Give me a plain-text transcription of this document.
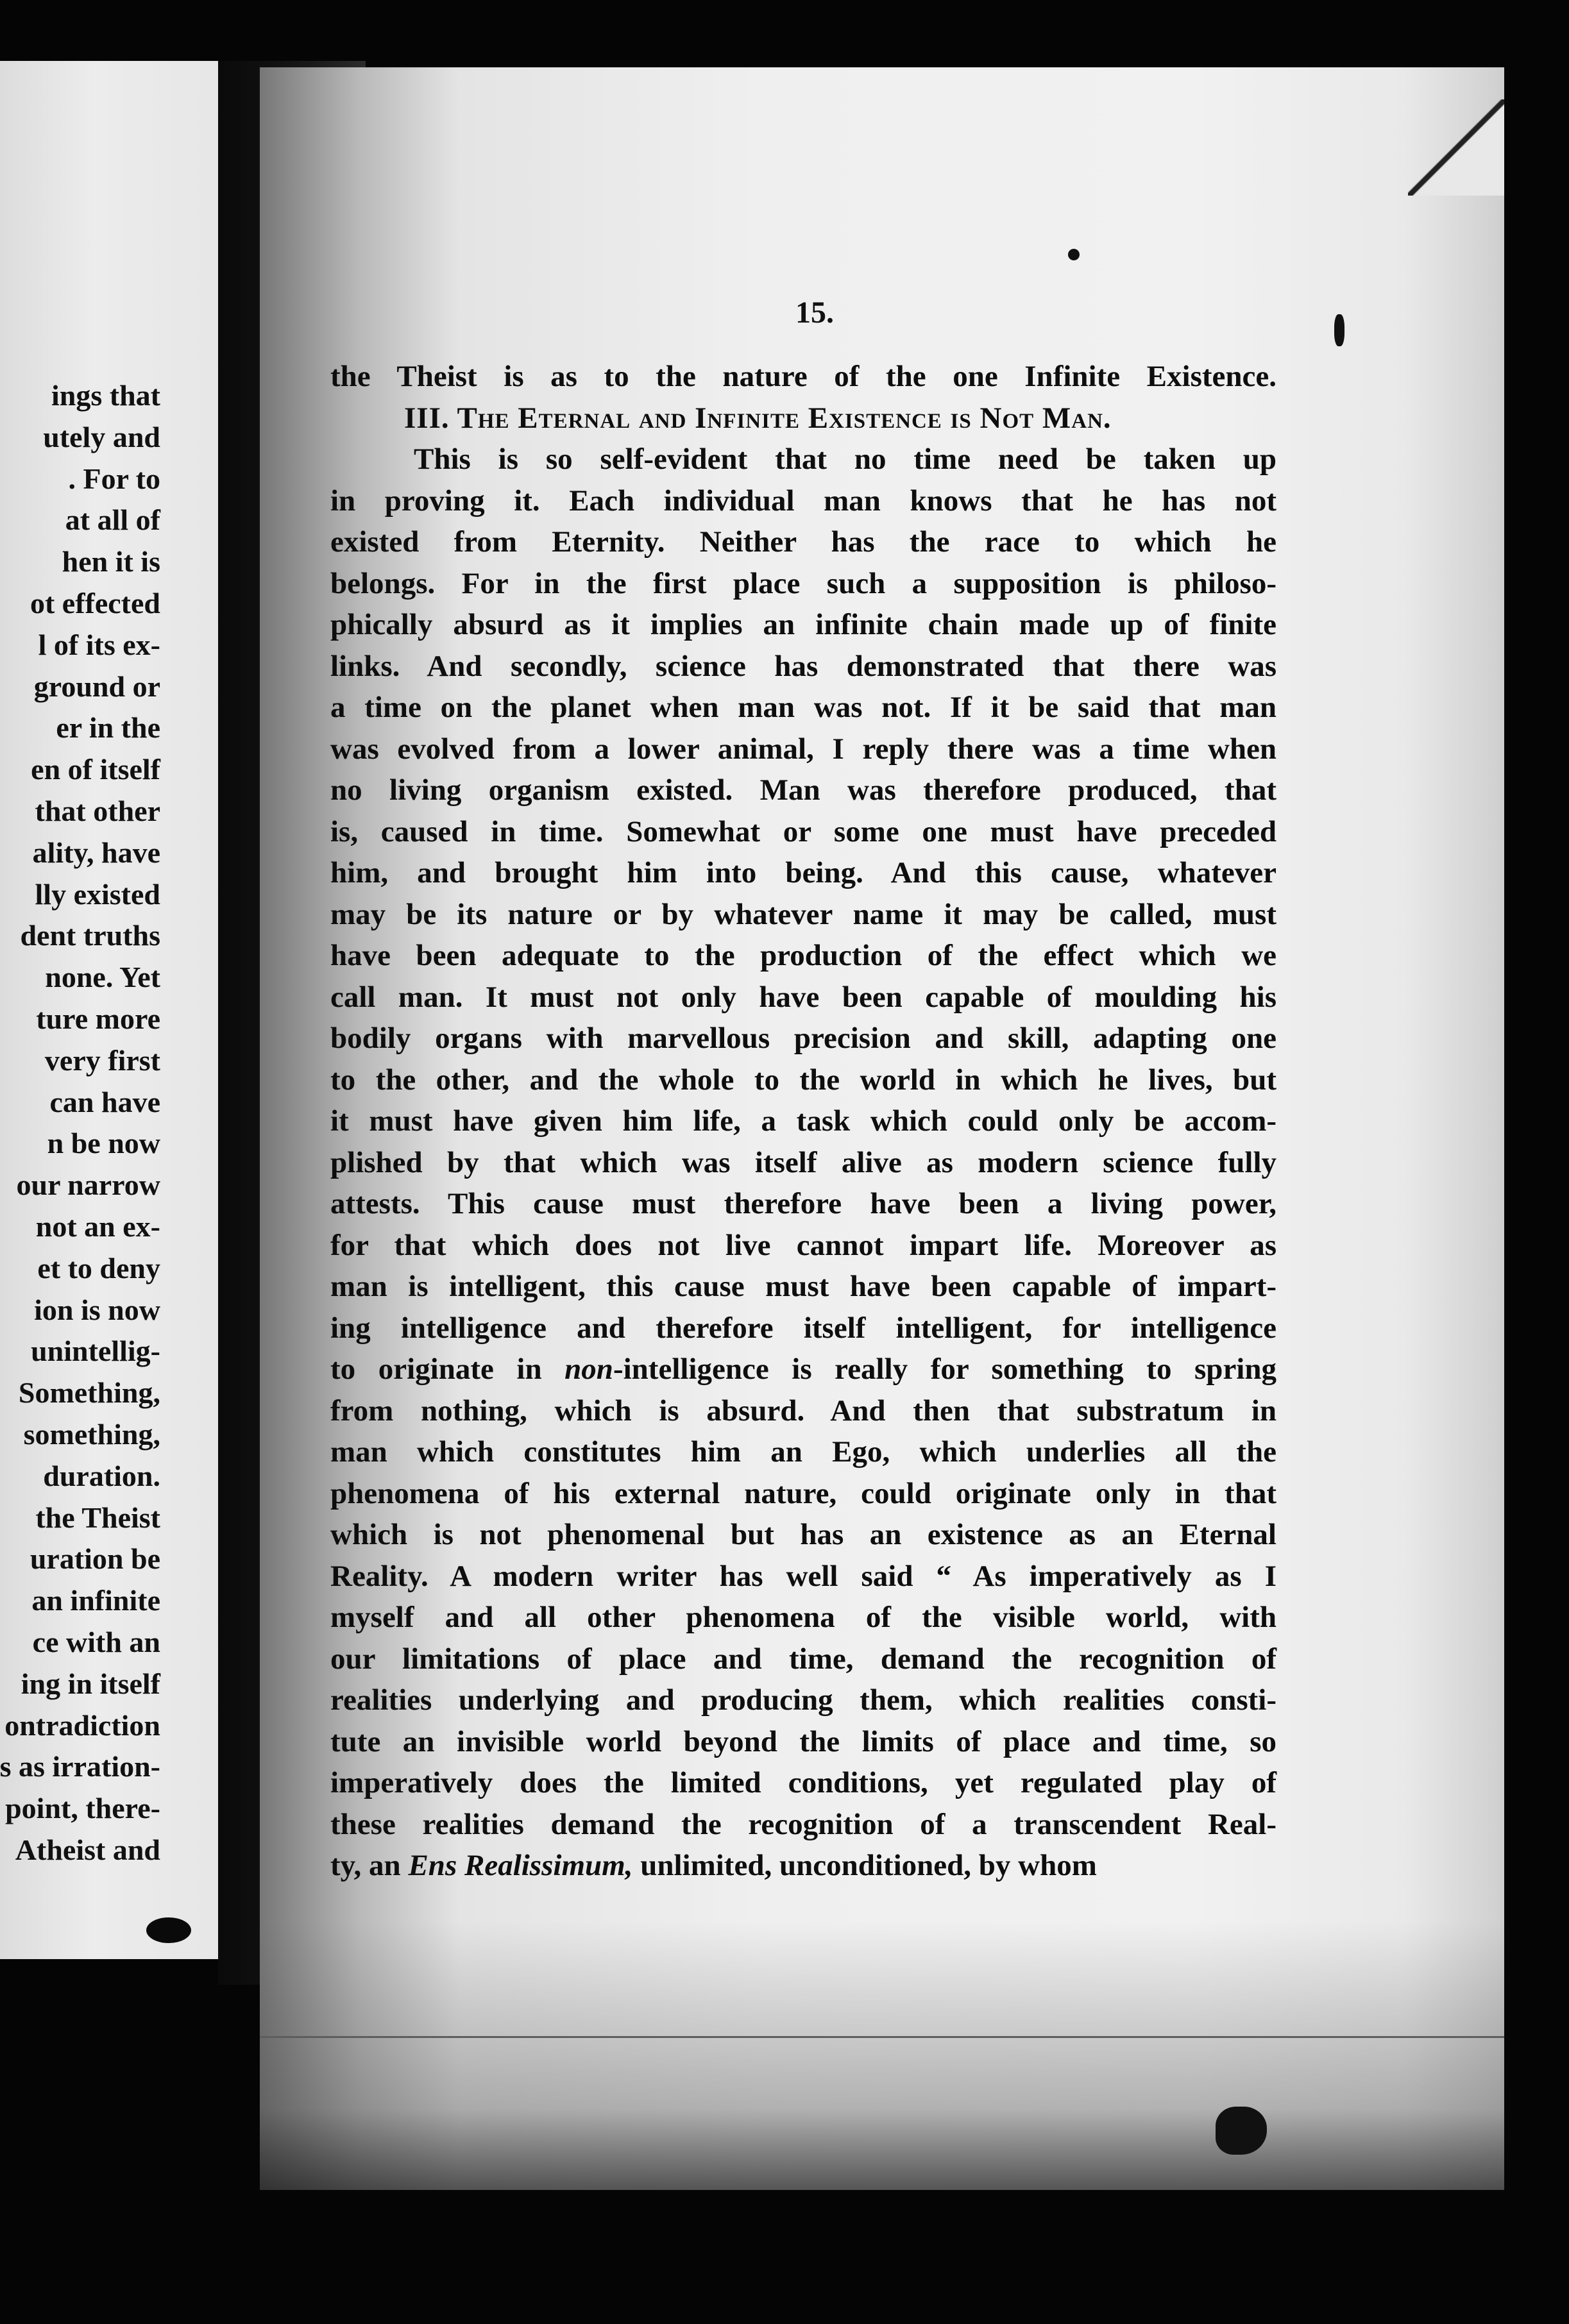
ings that
utely and
. For to
at all of
hen it is
ot effected
l of its ex-
ground or
er in the
en of itself
that other
ality, have
lly existed
dent truths
none. Yet
ture more
very first
can have
n be now
our narrow
not an ex-
et to deny
ion is now
unintellig-
Something,
something,
duration.
the Theist
uration be
an infinite
ce with an
ing in itself
ontradiction
s as irration-
point, there-
Atheist and
15.
the Theist is as to the nature of the one Infinite Existence.
III. The Eternal and Infinite Existence is Not Man.
This is so self-evident that no time need be taken up
in proving it. Each individual man knows that he has not
existed from Eternity. Neither has the race to which he
belongs. For in the first place such a supposition is philoso-
phically absurd as it implies an infinite chain made up of finite
links. And secondly, science has demonstrated that there was
a time on the planet when man was not. If it be said that man
was evolved from a lower animal, I reply there was a time when
no living organism existed. Man was therefore produced, that
is, caused in time. Somewhat or some one must have preceded
him, and brought him into being. And this cause, whatever
may be its nature or by whatever name it may be called, must
have been adequate to the production of the effect which we
call man. It must not only have been capable of moulding his
bodily organs with marvellous precision and skill, adapting one
to the other, and the whole to the world in which he lives, but
it must have given him life, a task which could only be accom-
plished by that which was itself alive as modern science fully
attests. This cause must therefore have been a living power,
for that which does not live cannot impart life. Moreover as
man is intelligent, this cause must have been capable of impart-
ing intelligence and therefore itself intelligent, for intelligence
to originate in non-intelligence is really for something to spring
from nothing, which is absurd. And then that substratum in
man which constitutes him an Ego, which underlies all the
phenomena of his external nature, could originate only in that
which is not phenomenal but has an existence as an Eternal
Reality. A modern writer has well said “ As imperatively as I
myself and all other phenomena of the visible world, with
our limitations of place and time, demand the recognition of
realities underlying and producing them, which realities consti-
tute an invisible world beyond the limits of place and time, so
imperatively does the limited conditions, yet regulated play of
these realities demand the recognition of a transcendent Real-
ty, an Ens Realissimum, unlimited, unconditioned, by whom
